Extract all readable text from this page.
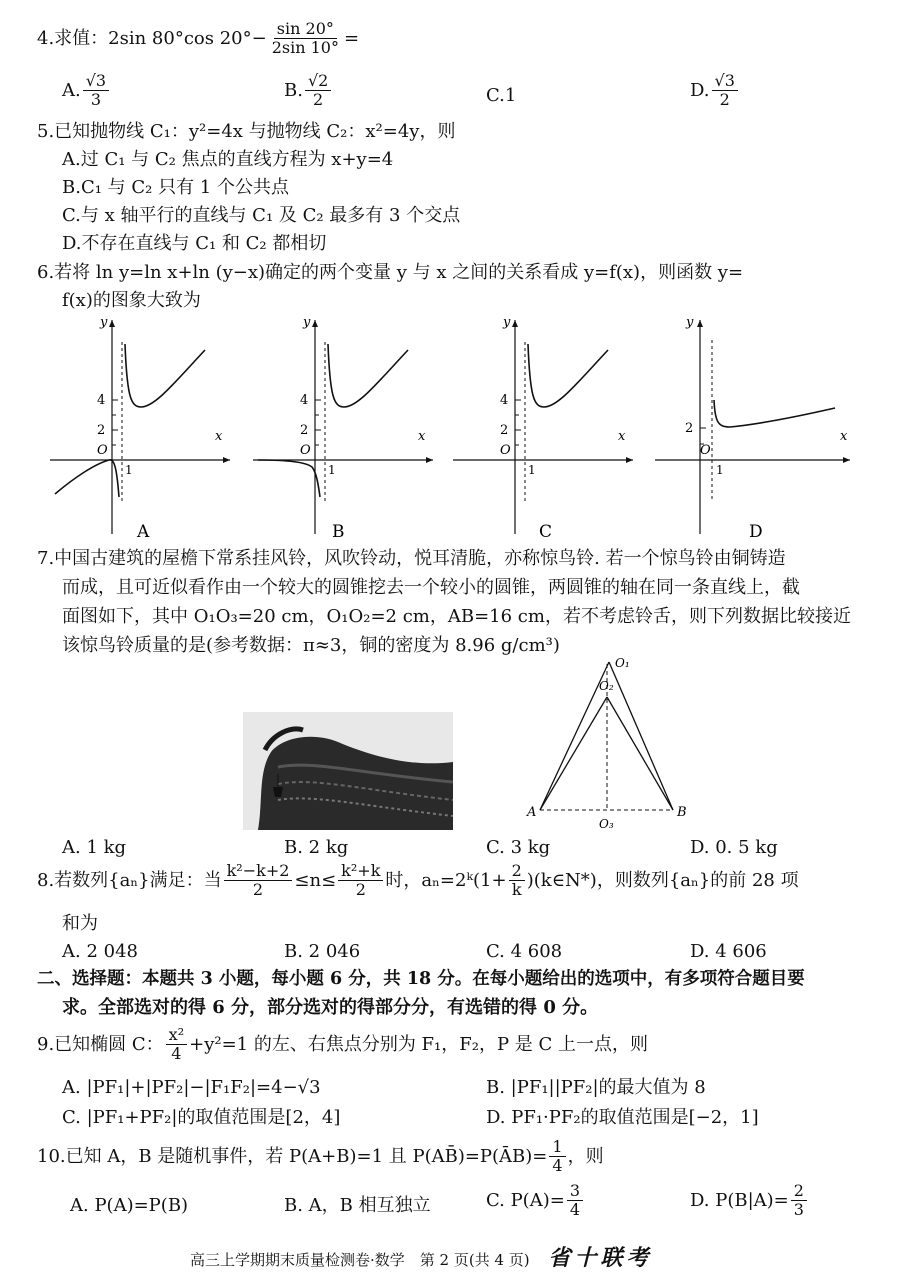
4.求值：2sin 80°cos $20^\circ- \frac{\sin 20^\circ}{2\sin 10^\circ}$ =
A. $\frac{√3}{3}$	B. $\frac{√2}{2}$	C.1	D. $\frac{√3}{2}$
5.已知抛物线 C₁：y²=4x 与抛物线 C₂：x²=4y，则
A.过 C₁ 与 C₂ 焦点的直线方程为 x+y=4
B.C₁ 与 C₂ 只有 1 个公共点
C.与 x 轴平行的直线与 C₁ 及 C₂ 最多有 3 个交点
D.不存在直线与 C₁ 和 C₂ 都相切
6.若将 ln y=ln x+ln (y−x)确定的两个变量 y 与 x 之间的关系看成 y=f(x)，则函数 y=
f(x)的图象大致为
4
2
O
1
x
y
A
4
2
O
1
x
y
B
4
2
O
1
x
y
C
2
O
1
x
y
D
7.中国古建筑的屋檐下常系挂风铃，风吹铃动，悦耳清脆，亦称惊鸟铃. 若一个惊鸟铃由铜铸造
而成，且可近似看作由一个较大的圆锥挖去一个较小的圆锥，两圆锥的轴在同一条直线上，截
面图如下，其中 O₁O₃=20 cm，O₁O₂=2 cm，AB=16 cm，若不考虑铃舌，则下列数据比较接近
该惊鸟铃质量的是(参考数据：π≈3，铜的密度为 8.96 g/cm³)
O₁
O₂
O₃
A	B
A. 1 kg	B. 2 kg	C. 3 kg	D. 0. 5 kg
8.若数列{aₙ}满足：当 $\frac{\text{k²−k+2}}{2} \le n\le \frac{\text{k²+k}}{2}$ 时，aₙ=2ᵏ(1+ $\frac{2}{k}$ )(k∈N*)，则数列{aₙ}的前 28 项
和为
A. 2 048	B. 2 046	C. 4 608	D. 4 606
二、选择题：本题共 3 小题，每小题 6 分，共 18 分。在每小题给出的选项中，有多项符合题目要
求。全部选对的得 6 分，部分选对的得部分分，有选错的得 0 分。
9.已知椭圆 C： $\frac{\text{x²}}{4} +y^2=1$ 的左、右焦点分别为 F₁，F₂，P 是 C 上一点，则
A. |PF₁|+|PF₂|−|F₁F₂|=4−√3	B. |PF₁||PF₂|的最大值为 8
C. |PF₁+PF₂|的取值范围是[2，4]	D. PF₁·PF₂的取值范围是[−2，1]
10.已知 A，B 是随机事件，若 P(A+B)=1 且 P(AB̄)=P(ĀB)= $\frac{1}{4}$ ，则
A. P(A)=P(B)	B. A，B 相互独立	C. $P(A)= \frac{3}{4}$	D. $P(B|A)= \frac{2}{3}$
高三上学期期末质量检测卷·数学　第 2 页(共 4 页) 省十联考
